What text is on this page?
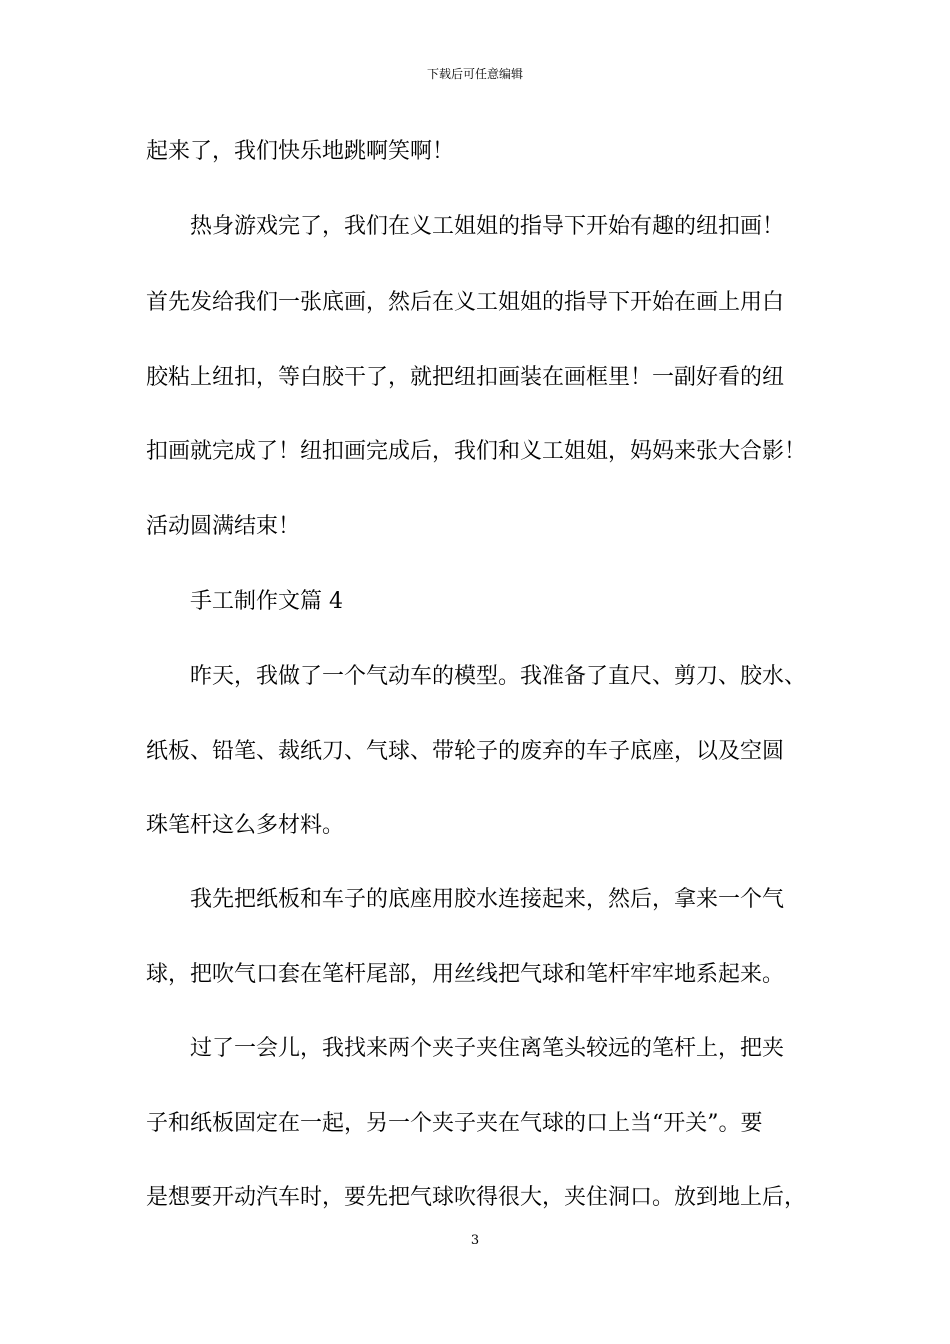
下载后可任意编辑
起来了，我们快乐地跳啊笑啊！
热身游戏完了，我们在义工姐姐的指导下开始有趣的纽扣画！
首先发给我们一张底画，然后在义工姐姐的指导下开始在画上用白
胶粘上纽扣，等白胶干了，就把纽扣画装在画框里！一副好看的纽
扣画就完成了！纽扣画完成后，我们和义工姐姐，妈妈来张大合影！
活动圆满结束！
手工制作文篇 4
昨天，我做了一个气动车的模型。我准备了直尺、剪刀、胶水、
纸板、铅笔、裁纸刀、气球、带轮子的废弃的车子底座，以及空圆
珠笔杆这么多材料。
我先把纸板和车子的底座用胶水连接起来，然后，拿来一个气
球，把吹气口套在笔杆尾部，用丝线把气球和笔杆牢牢地系起来。
过了一会儿，我找来两个夹子夹住离笔头较远的笔杆上，把夹
子和纸板固定在一起，另一个夹子夹在气球的口上当“开关”。要
是想要开动汽车时，要先把气球吹得很大，夹住洞口。放到地上后，
3
